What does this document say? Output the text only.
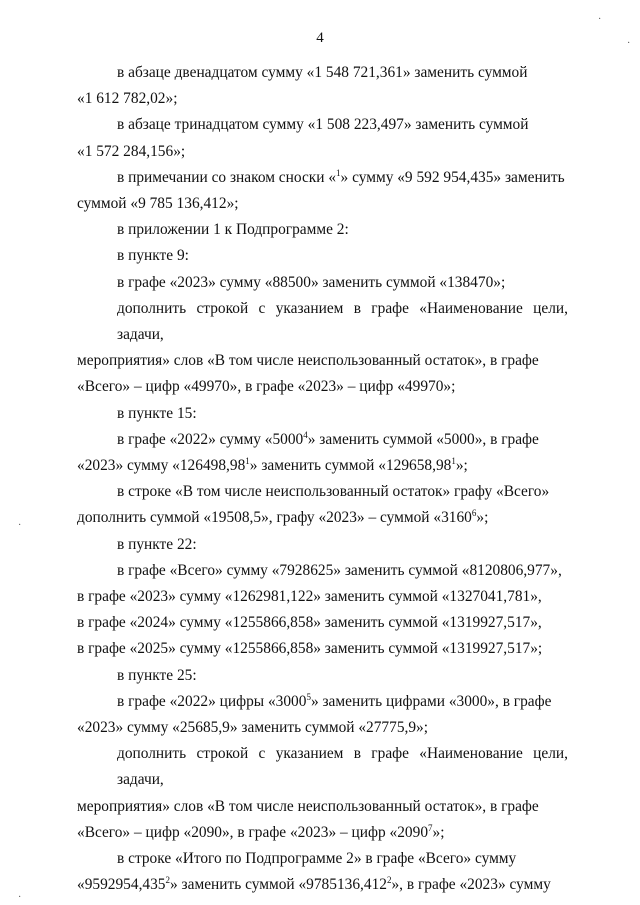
4
·
·
·
·
в абзаце двенадцатом сумму «1 548 721,361» заменить суммой
«1 612 782,02»;
в абзаце тринадцатом сумму «1 508 223,497» заменить суммой
«1 572 284,156»;
в примечании со знаком сноски «$^1$» сумму «9 592 954,435» заменить
суммой «9 785 136,412»;
в приложении 1 к Подпрограмме 2:
в пункте 9:
в графе «2023» сумму «88500» заменить суммой «138470»;
дополнить строкой с указанием в графе «Наименование цели, задачи,
мероприятия» слов «В том числе неиспользованный остаток», в графе
«Всего» – цифр «49970», в графе «2023» – цифр «49970»;
в пункте 15:
в графе «2022» сумму «5000$^4$» заменить суммой «5000», в графе
«2023» сумму «126498,98$^1$» заменить суммой «129658,98$^1$»;
в строке «В том числе неиспользованный остаток» графу «Всего»
дополнить суммой «19508,5», графу «2023» – суммой «3160$^6$»;
в пункте 22:
в графе «Всего» сумму «7928625» заменить суммой «8120806,977»,
в графе «2023» сумму «1262981,122» заменить суммой «1327041,781»,
в графе «2024» сумму «1255866,858» заменить суммой «1319927,517»,
в графе «2025» сумму «1255866,858» заменить суммой «1319927,517»;
в пункте 25:
в графе «2022» цифры «3000$^5$» заменить цифрами «3000», в графе
«2023» сумму «25685,9» заменить суммой «27775,9»;
дополнить строкой с указанием в графе «Наименование цели, задачи,
мероприятия» слов «В том числе неиспользованный остаток», в графе
«Всего» – цифр «2090», в графе «2023» – цифр «2090$^7$»;
в строке «Итого по Подпрограмме 2» в графе «Всего» сумму
«9592954,435$^2$» заменить суммой «9785136,412$^2$», в графе «2023» сумму
